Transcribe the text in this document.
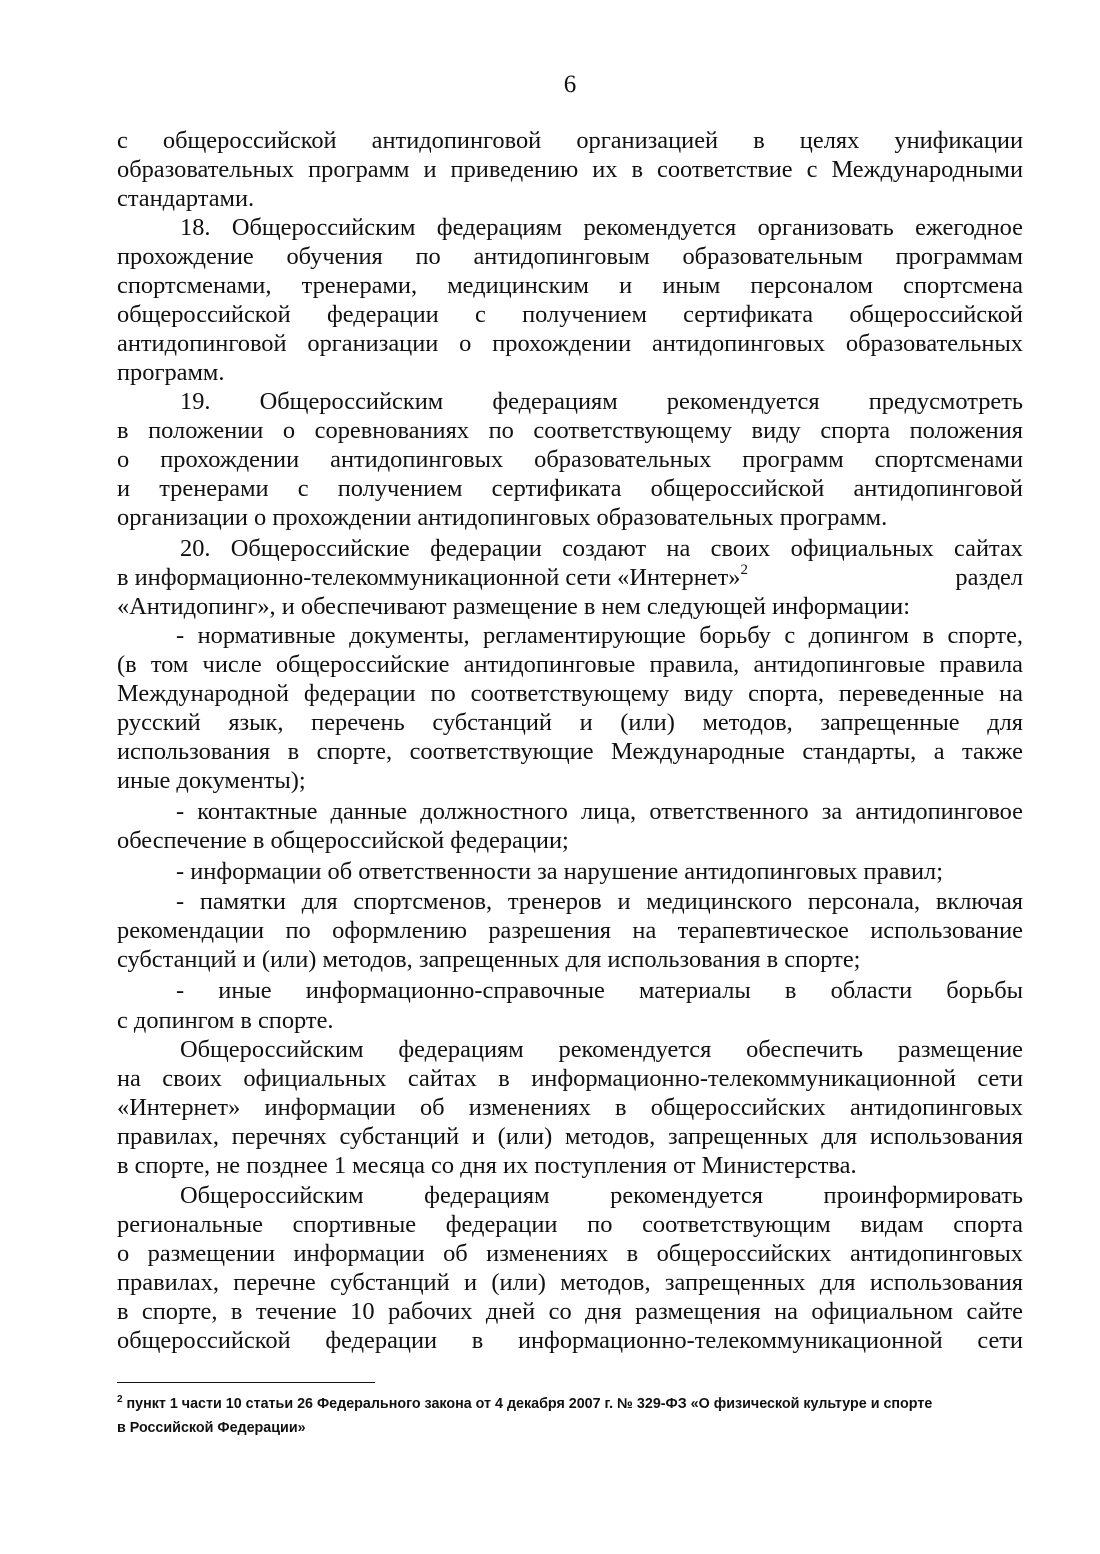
6
с общероссийской антидопинговой организацией в целях унификации
образовательных программ и приведению их в соответствие с Международными
стандартами.
18. Общероссийским федерациям рекомендуется организовать ежегодное
прохождение обучения по антидопинговым образовательным программам
спортсменами, тренерами, медицинским и иным персоналом спортсмена
общероссийской федерации с получением сертификата общероссийской
антидопинговой организации о прохождении антидопинговых образовательных
программ.
19. Общероссийским федерациям рекомендуется предусмотреть
в положении о соревнованиях по соответствующему виду спорта положения
о прохождении антидопинговых образовательных программ спортсменами
и тренерами с получением сертификата общероссийской антидопинговой
организации о прохождении антидопинговых образовательных программ.
20. Общероссийские федерации создают на своих официальных сайтах
в информационно-телекоммуникационной сети «Интернет»$^2$	раздел
«Антидопинг», и обеспечивают размещение в нем следующей информации:
- нормативные документы, регламентирующие борьбу с допингом в спорте,
(в том числе общероссийские антидопинговые правила, антидопинговые правила
Международной федерации по соответствующему виду спорта, переведенные на
русский язык, перечень субстанций и (или) методов, запрещенные для
использования в спорте, соответствующие Международные стандарты, а также
иные документы);
- контактные данные должностного лица, ответственного за антидопинговое
обеспечение в общероссийской федерации;
- информации об ответственности за нарушение антидопинговых правил;
- памятки для спортсменов, тренеров и медицинского персонала, включая
рекомендации по оформлению разрешения на терапевтическое использование
субстанций и (или) методов, запрещенных для использования в спорте;
- иные информационно-справочные материалы в области борьбы
с допингом в спорте.
Общероссийским федерациям рекомендуется обеспечить размещение
на своих официальных сайтах в информационно-телекоммуникационной сети
«Интернет» информации об изменениях в общероссийских антидопинговых
правилах, перечнях субстанций и (или) методов, запрещенных для использования
в спорте, не позднее 1 месяца со дня их поступления от Министерства.
Общероссийским федерациям рекомендуется проинформировать
региональные спортивные федерации по соответствующим видам спорта
о размещении информации об изменениях в общероссийских антидопинговых
правилах, перечне субстанций и (или) методов, запрещенных для использования
в спорте, в течение 10 рабочих дней со дня размещения на официальном сайте
общероссийской федерации в информационно-телекоммуникационной сети
$^2$ пункт 1 части 10 статьи 26 Федерального закона от 4 декабря 2007 г. № 329-ФЗ «О физической культуре и спорте
в Российской Федерации»
